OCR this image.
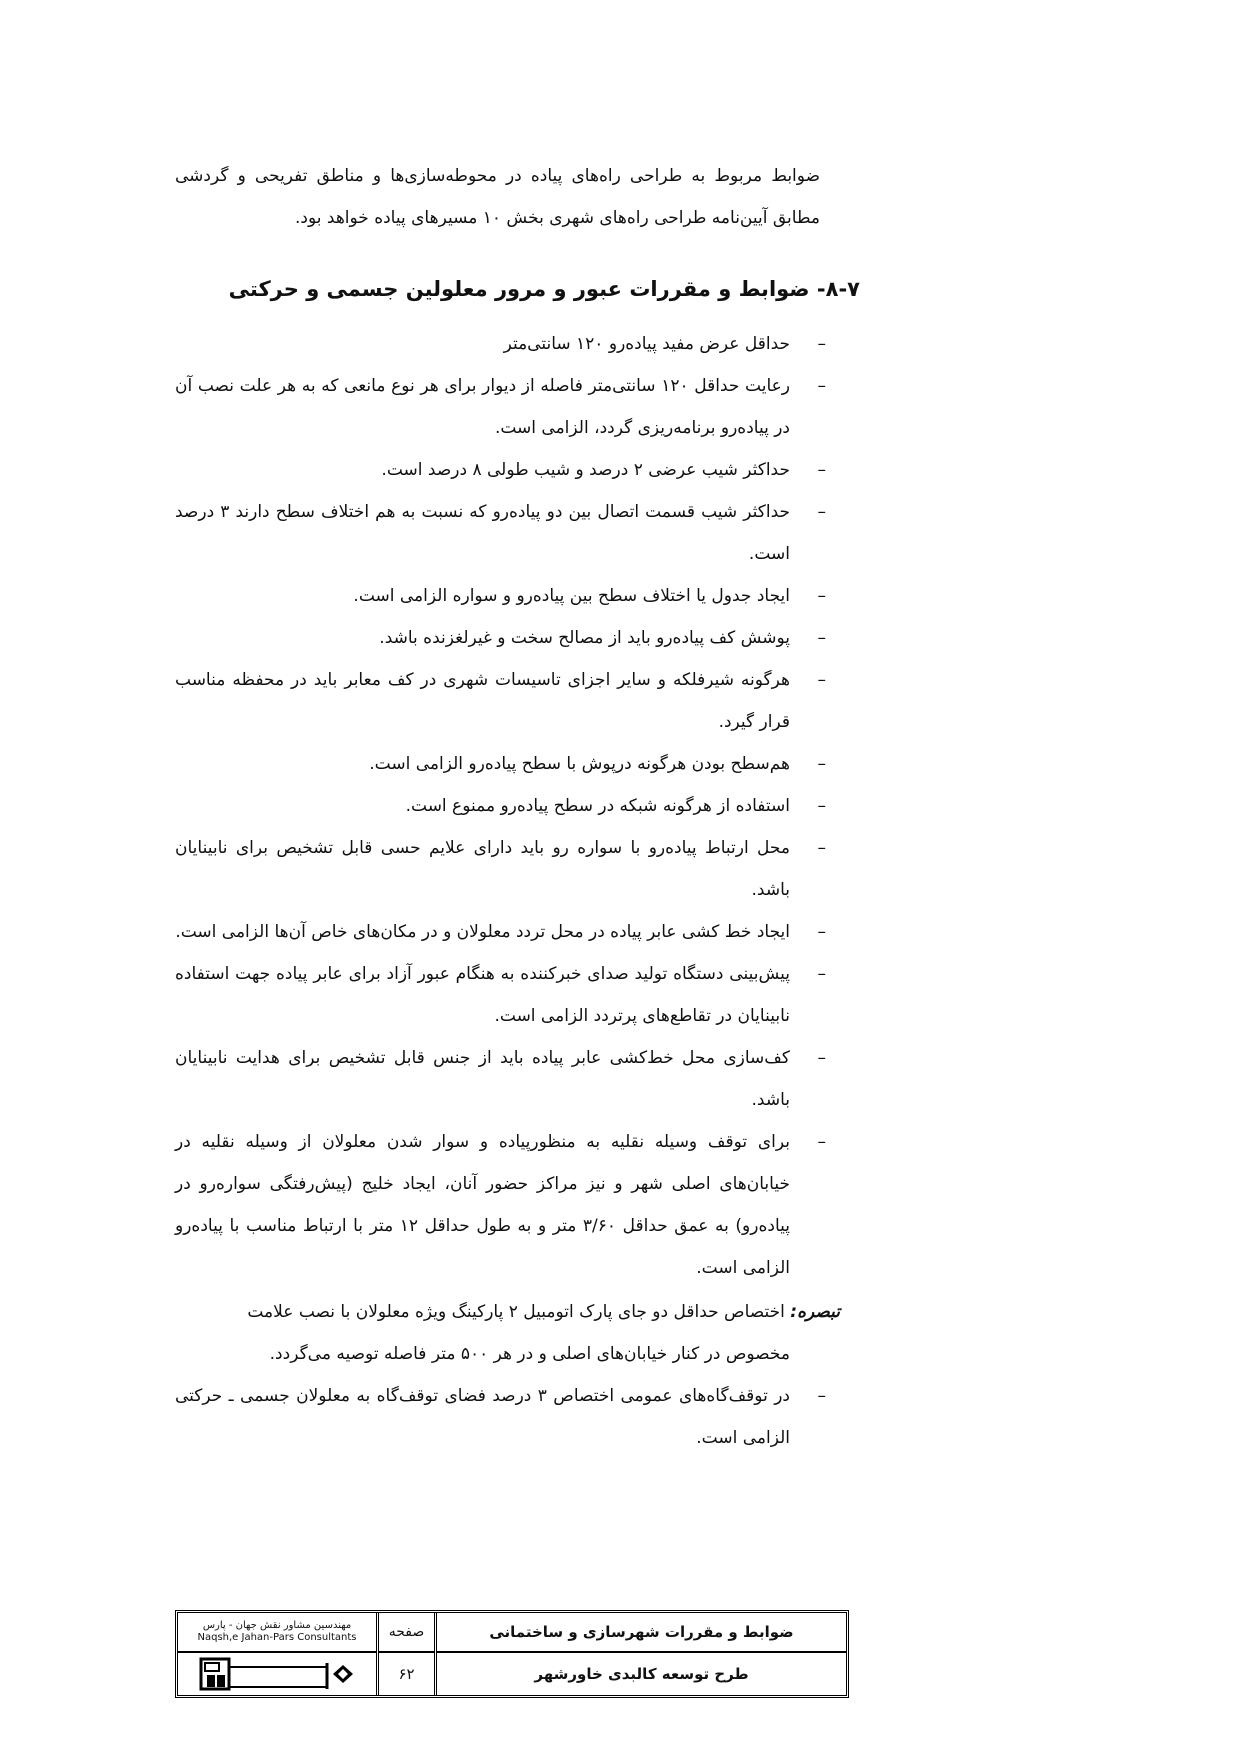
ضوابط مربوط به طراحی راه‌های پیاده در محوطه‌سازی‌ها و مناطق تفریحی و گردشی مطابق آیین‌نامه طراحی راه‌های شهری بخش ۱۰ مسیرهای پیاده خواهد بود.

۸-۷- ضوابط و مقررات عبور و مرور معلولین جسمی و حرکتی
–
حداقل عرض مفید پیاده‌رو ۱۲۰ سانتی‌متر
–
رعایت حداقل ۱۲۰ سانتی‌متر فاصله از دیوار برای هر نوع مانعی که به هر علت نصب آن در پیاده‌رو برنامه‌ریزی گردد، الزامی است.
–
حداکثر شیب عرضی ۲ درصد و شیب طولی ۸ درصد است.
–
حداکثر شیب قسمت اتصال بین دو پیاده‌رو که نسبت به هم اختلاف سطح دارند ۳ درصد است.
–
ایجاد جدول یا اختلاف سطح بین پیاده‌رو و سواره الزامی است.
–
پوشش کف پیاده‌رو باید از مصالح سخت و غیرلغزنده باشد.
–
هرگونه شیرفلکه و سایر اجزای تاسیسات شهری در کف معابر باید در محفظه مناسب قرار گیرد.
–
هم‌سطح بودن هرگونه درپوش با سطح پیاده‌رو الزامی است.
–
استفاده از هرگونه شبکه در سطح پیاده‌رو ممنوع است.
–
محل ارتباط پیاده‌رو با سواره رو باید دارای علایم حسی قابل تشخیص برای نابینایان باشد.
–
ایجاد خط کشی عابر پیاده در محل تردد معلولان و در مکان‌های خاص آن‌ها الزامی است.
–
پیش‌بینی دستگاه تولید صدای خبرکننده به هنگام عبور آزاد برای عابر پیاده جهت استفاده نابینایان در تقاطع‌های پرتردد الزامی است.
–
کف‌سازی محل خط‌کشی عابر پیاده باید از جنس قابل تشخیص برای هدایت نابینایان باشد.
–
برای توقف وسیله نقلیه به منظورپیاده و سوار شدن معلولان از وسیله نقلیه در خیابان‌های اصلی شهر و نیز مراکز حضور آنان، ایجاد خلیج (پیش‌رفتگی سواره‌رو در پیاده‌رو) به عمق حداقل ۳/۶۰ متر و به طول حداقل ۱۲ متر با ارتباط مناسب با پیاده‌رو الزامی است.
تبصره: اختصاص حداقل دو جای پارک اتومبیل ۲ پارکینگ ویژه معلولان با نصب علامت
مخصوص در کنار خیابان‌های اصلی و در هر ۵۰۰ متر فاصله توصیه می‌گردد.
–
در توقف‌گاه‌های عمومی اختصاص ۳ درصد فضای توقف‌گاه به معلولان جسمی ـ حرکتی الزامی است.
مهندسین مشاور نقش جهان - پارس
Naqsh,e Jahan-Pars Consultants	صفحه
۶۲
ضوابط و مقررات شهرسازی و ساختمانی
طرح توسعه کالبدی خاورشهر
